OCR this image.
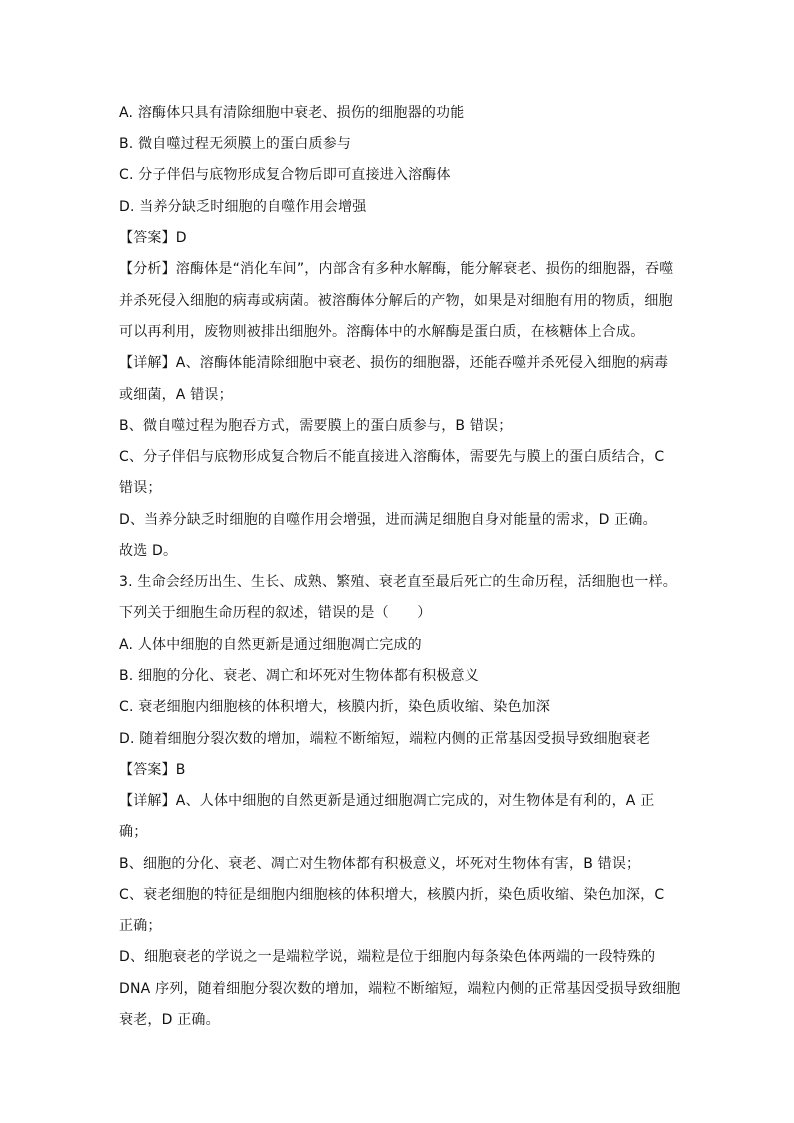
A. 溶酶体只具有清除细胞中衰老、损伤的细胞器的功能
B. 微自噬过程无须膜上的蛋白质参与
C. 分子伴侣与底物形成复合物后即可直接进入溶酶体
D. 当养分缺乏时细胞的自噬作用会增强
【答案】D
【分析】溶酶体是“消化车间”，内部含有多种水解酶，能分解衰老、损伤的细胞器，吞噬
并杀死侵入细胞的病毒或病菌。被溶酶体分解后的产物，如果是对细胞有用的物质，细胞
可以再利用，废物则被排出细胞外。溶酶体中的水解酶是蛋白质，在核糖体上合成。
【详解】A、溶酶体能清除细胞中衰老、损伤的细胞器，还能吞噬并杀死侵入细胞的病毒
或细菌，A 错误；
B、微自噬过程为胞吞方式，需要膜上的蛋白质参与，B 错误；
C、分子伴侣与底物形成复合物后不能直接进入溶酶体，需要先与膜上的蛋白质结合，C
错误；
D、当养分缺乏时细胞的自噬作用会增强，进而满足细胞自身对能量的需求，D 正确。
故选 D。
3. 生命会经历出生、生长、成熟、繁殖、衰老直至最后死亡的生命历程，活细胞也一样。
下列关于细胞生命历程的叙述，错误的是（　　）
A. 人体中细胞的自然更新是通过细胞凋亡完成的
B. 细胞的分化、衰老、凋亡和坏死对生物体都有积极意义
C. 衰老细胞内细胞核的体积增大，核膜内折，染色质收缩、染色加深
D. 随着细胞分裂次数的增加，端粒不断缩短，端粒内侧的正常基因受损导致细胞衰老
【答案】B
【详解】A、人体中细胞的自然更新是通过细胞凋亡完成的，对生物体是有利的，A 正
确；
B、细胞的分化、衰老、凋亡对生物体都有积极意义，坏死对生物体有害，B 错误；
C、衰老细胞的特征是细胞内细胞核的体积增大，核膜内折，染色质收缩、染色加深，C
正确；
D、细胞衰老的学说之一是端粒学说，端粒是位于细胞内每条染色体两端的一段特殊的
DNA 序列，随着细胞分裂次数的增加，端粒不断缩短，端粒内侧的正常基因受损导致细胞
衰老，D 正确。
